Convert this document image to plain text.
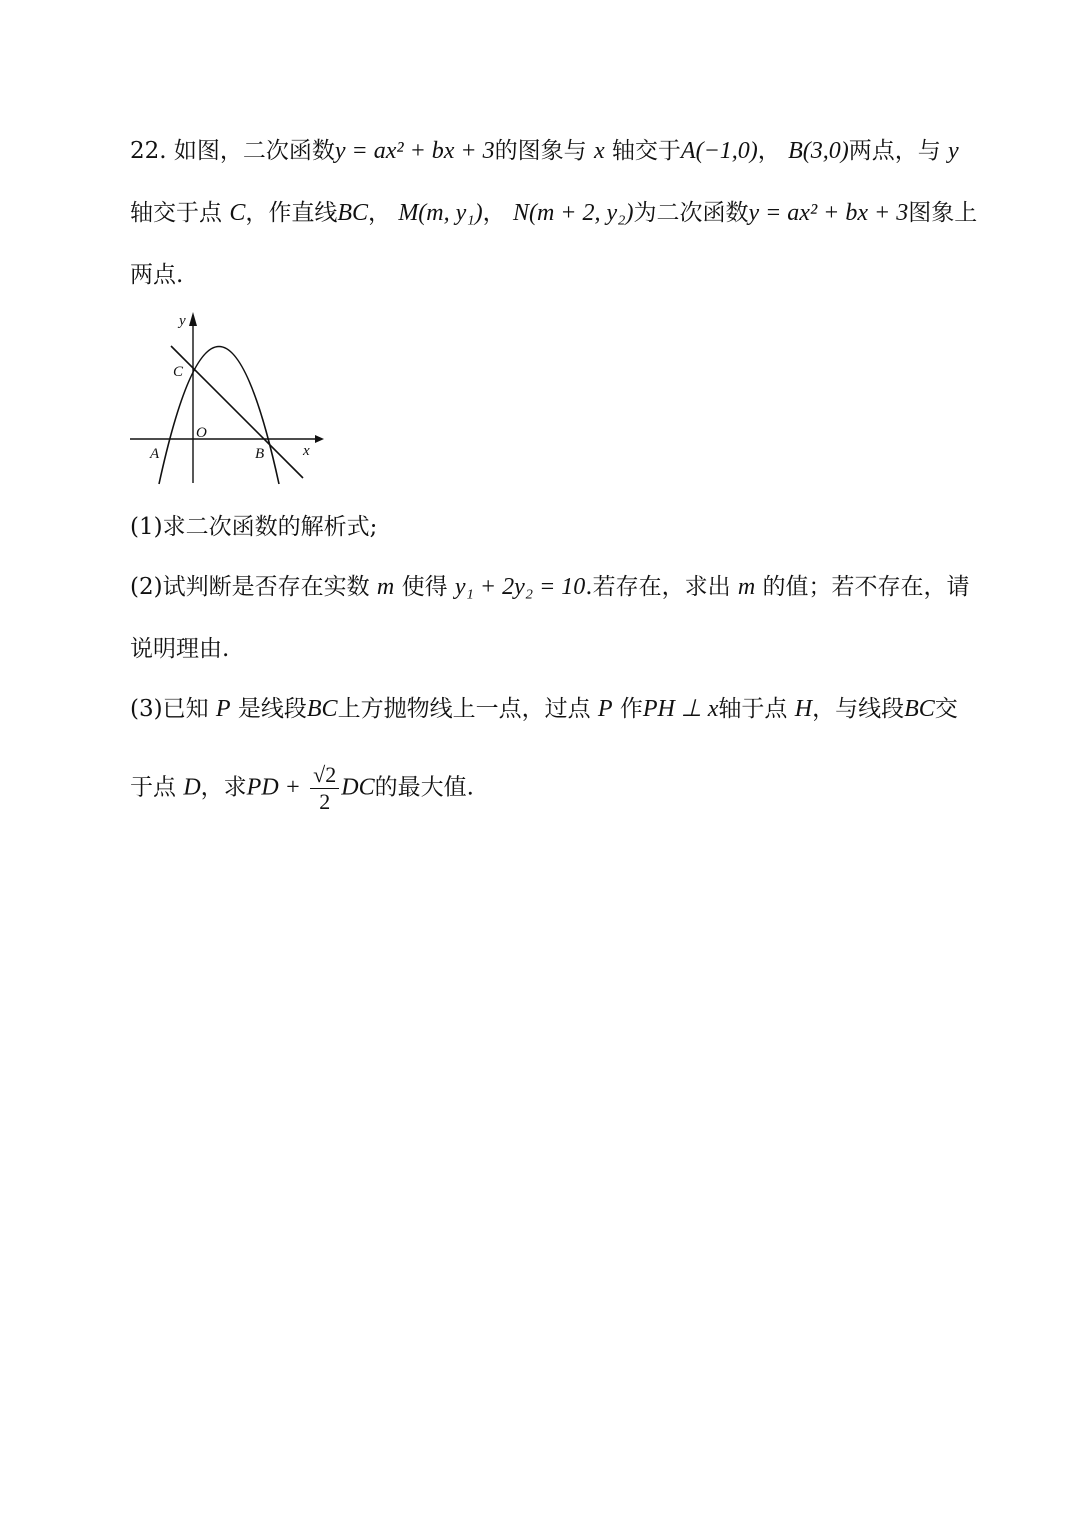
22. 如图，二次函数y = ax² + bx + 3的图象与 x 轴交于A(−1,0)， B(3,0)两点，与 y
轴交于点 C，作直线BC， M(m, y₁)， N(m + 2, y₂)为二次函数y = ax² + bx + 3图象上
两点.
y
x
C
O
A	B
(1)求二次函数的解析式;
(2)试判断是否存在实数 m 使得 y₁ + 2y₂ = 10.若存在，求出 m 的值；若不存在，请
说明理由.
(3)已知 P 是线段BC上方抛物线上一点，过点 P 作PH ⊥ x轴于点 H，与线段BC交
于点 D，求PD + $\frac{√2}{2}$ DC的最大值.
